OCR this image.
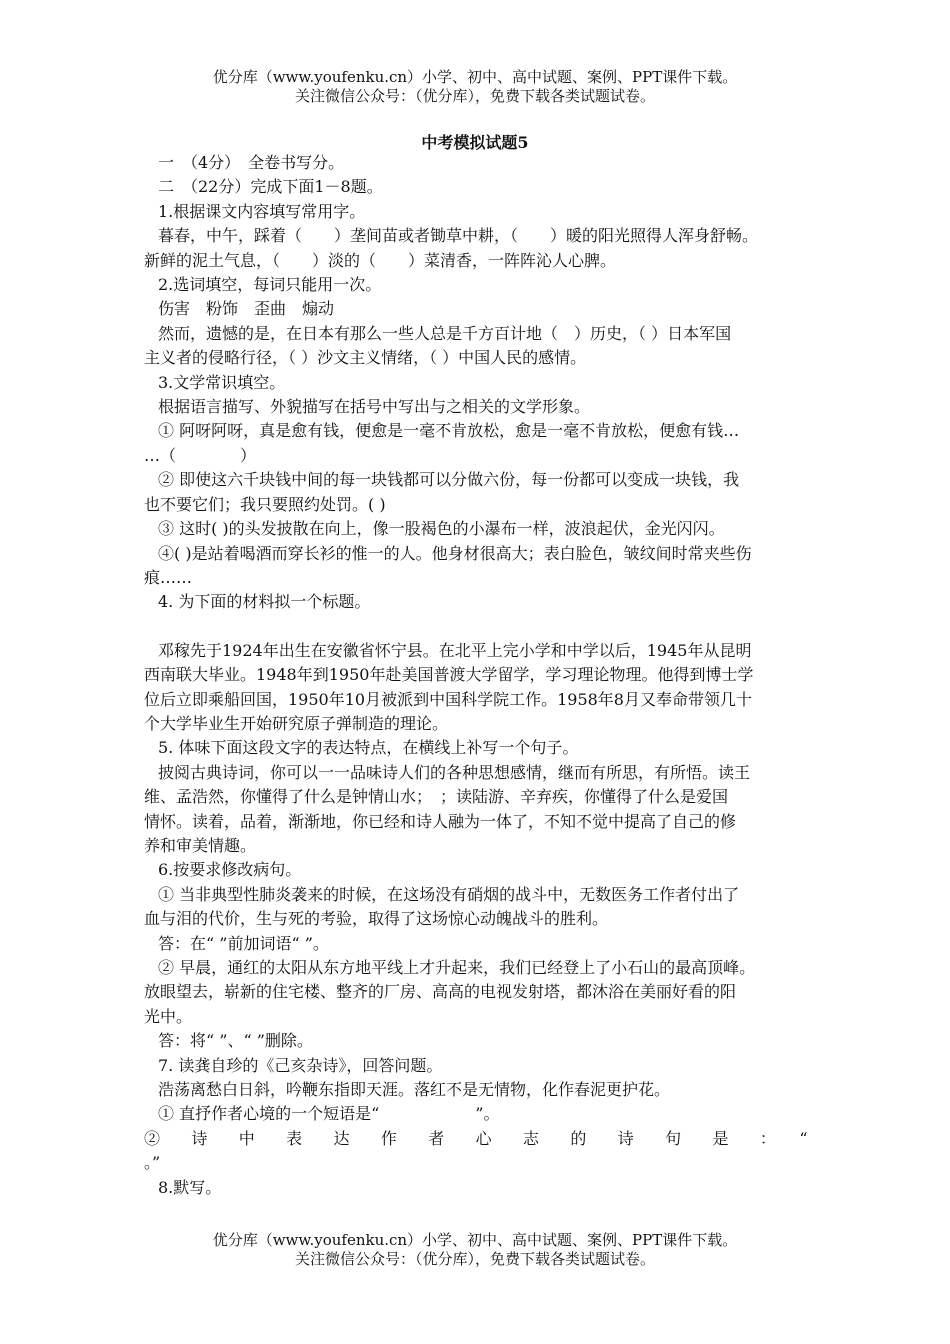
优分库（www.youfenku.cn）小学、初中、高中试题、案例、PPT课件下载。
关注微信公众号：（优分库），免费下载各类试题试卷。
中考模拟试题5
一　（4分）　全卷书写分。
二　（22分）完成下面1－8题。
1.根据课文内容填写常用字。
暮春，中午，踩着（　　）垄间苗或者锄草中耕，（　　）暖的阳光照得人浑身舒畅。
新鲜的泥土气息，（　　）淡的（　　）菜清香，一阵阵沁人心脾。
2.选词填空，每词只能用一次。
伤害　粉饰　歪曲　煽动
然而，遗憾的是，在日本有那么一些人总是千方百计地（　）历史，（ ）日本军国
主义者的侵略行径，（ ）沙文主义情绪，（ ）中国人民的感情。
3.文学常识填空。
根据语言描写、外貌描写在括号中写出与之相关的文学形象。
① 阿呀阿呀，真是愈有钱，便愈是一毫不肯放松，愈是一毫不肯放松，便愈有钱…
…（　　　　）
② 即使这六千块钱中间的每一块钱都可以分做六份，每一份都可以变成一块钱，我
也不要它们；我只要照约处罚。( )
③ 这时( )的头发披散在向上，像一股褐色的小瀑布一样，波浪起伏，金光闪闪。
④( )是站着喝酒而穿长衫的惟一的人。他身材很高大；表白脸色，皱纹间时常夹些伤
痕……
4. 为下面的材料拟一个标题。
邓稼先于1924年出生在安徽省怀宁县。在北平上完小学和中学以后，1945年从昆明
西南联大毕业。1948年到1950年赴美国普渡大学留学，学习理论物理。他得到博士学
位后立即乘船回国，1950年10月被派到中国科学院工作。1958年8月又奉命带领几十
个大学毕业生开始研究原子弹制造的理论。
5. 体味下面这段文字的表达特点，在横线上补写一个句子。
披阅古典诗词，你可以一一品味诗人们的各种思想感情，继而有所思，有所悟。读王
维、孟浩然，你懂得了什么是钟情山水；　；读陆游、辛弃疾，你懂得了什么是爱国
情怀。读着，品着，渐渐地，你已经和诗人融为一体了，不知不觉中提高了自己的修
养和审美情趣。
6.按要求修改病句。
① 当非典型性肺炎袭来的时候，在这场没有硝烟的战斗中，无数医务工作者付出了
血与泪的代价，生与死的考验，取得了这场惊心动魄战斗的胜利。
答：在“ ”前加词语“ ”。
② 早晨，通红的太阳从东方地平线上才升起来，我们已经登上了小石山的最高顶峰。
放眼望去，崭新的住宅楼、整齐的厂房、高高的电视发射塔，都沐浴在美丽好看的阳
光中。
答：将“ ”、“ ”删除。
7. 读龚自珍的《己亥杂诗》，回答问题。
浩荡离愁白日斜，吟鞭东指即天涯。落红不是无情物，化作春泥更护花。
① 直抒作者心境的一个短语是“　　　　　　”。
②　诗　中　表　达　作　者　心　志　的　诗　句　是　：　“
。”
8.默写。
优分库（www.youfenku.cn）小学、初中、高中试题、案例、PPT课件下载。
关注微信公众号：（优分库），免费下载各类试题试卷。
